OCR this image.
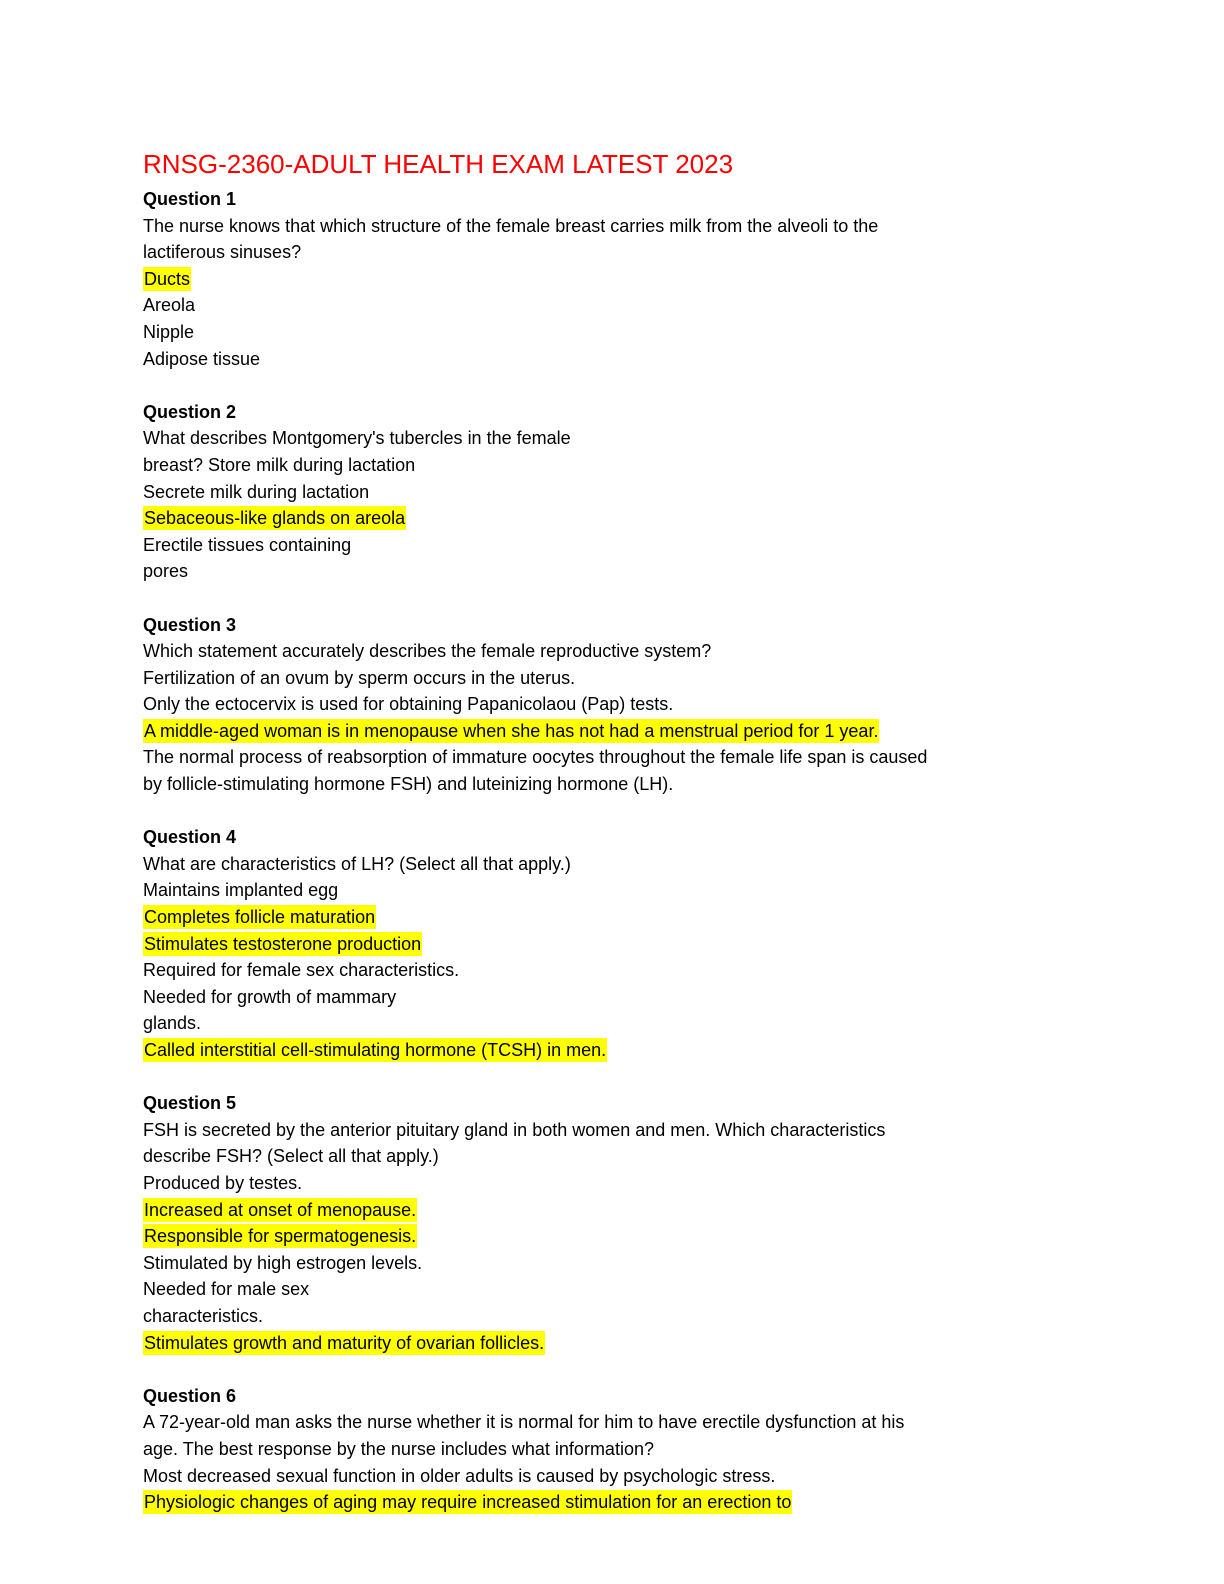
RNSG-2360-ADULT HEALTH EXAM LATEST 2023
Question 1
The nurse knows that which structure of the female breast carries milk from the alveoli to the
lactiferous sinuses?
Ducts
Areola
Nipple
Adipose tissue
Question 2
What describes Montgomery's tubercles in the female
breast? Store milk during lactation
Secrete milk during lactation
Sebaceous-like glands on areola
Erectile tissues containing
pores
Question 3
Which statement accurately describes the female reproductive system?
Fertilization of an ovum by sperm occurs in the uterus.
Only the ectocervix is used for obtaining Papanicolaou (Pap) tests.
A middle-aged woman is in menopause when she has not had a menstrual period for 1 year.
The normal process of reabsorption of immature oocytes throughout the female life span is caused
by follicle-stimulating hormone FSH) and luteinizing hormone (LH).
Question 4
What are characteristics of LH? (Select all that apply.)
Maintains implanted egg
Completes follicle maturation
Stimulates testosterone production
Required for female sex characteristics.
Needed for growth of mammary
glands.
Called interstitial cell-stimulating hormone (TCSH) in men.
Question 5
FSH is secreted by the anterior pituitary gland in both women and men. Which characteristics
describe FSH? (Select all that apply.)
Produced by testes.
Increased at onset of menopause.
Responsible for spermatogenesis.
Stimulated by high estrogen levels.
Needed for male sex
characteristics.
Stimulates growth and maturity of ovarian follicles.
Question 6
A 72-year-old man asks the nurse whether it is normal for him to have erectile dysfunction at his
age. The best response by the nurse includes what information?
Most decreased sexual function in older adults is caused by psychologic stress.
Physiologic changes of aging may require increased stimulation for an erection to
